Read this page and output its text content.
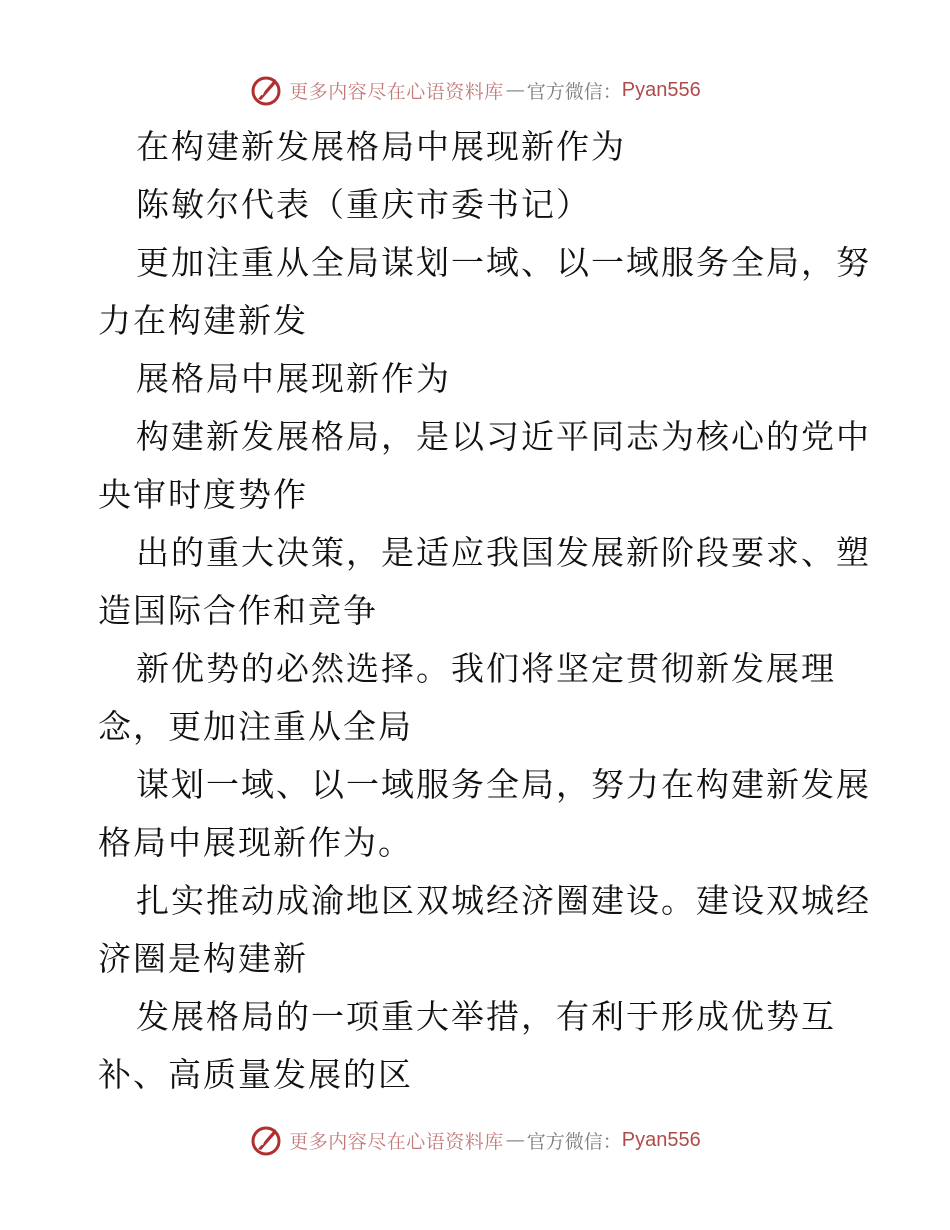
更多内容尽在心语资料库 — 官方微信： Pyan556
在构建新发展格局中展现新作为
陈敏尔代表（重庆市委书记）
更加注重从全局谋划一域、以一域服务全局，努
力在构建新发
展格局中展现新作为
构建新发展格局，是以习近平同志为核心的党中
央审时度势作
出的重大决策，是适应我国发展新阶段要求、塑
造国际合作和竞争
新优势的必然选择。我们将坚定贯彻新发展理
念，更加注重从全局
谋划一域、以一域服务全局，努力在构建新发展
格局中展现新作为。
扎实推动成渝地区双城经济圈建设。建设双城经
济圈是构建新
发展格局的一项重大举措，有利于形成优势互
补、高质量发展的区
更多内容尽在心语资料库 — 官方微信： Pyan556
